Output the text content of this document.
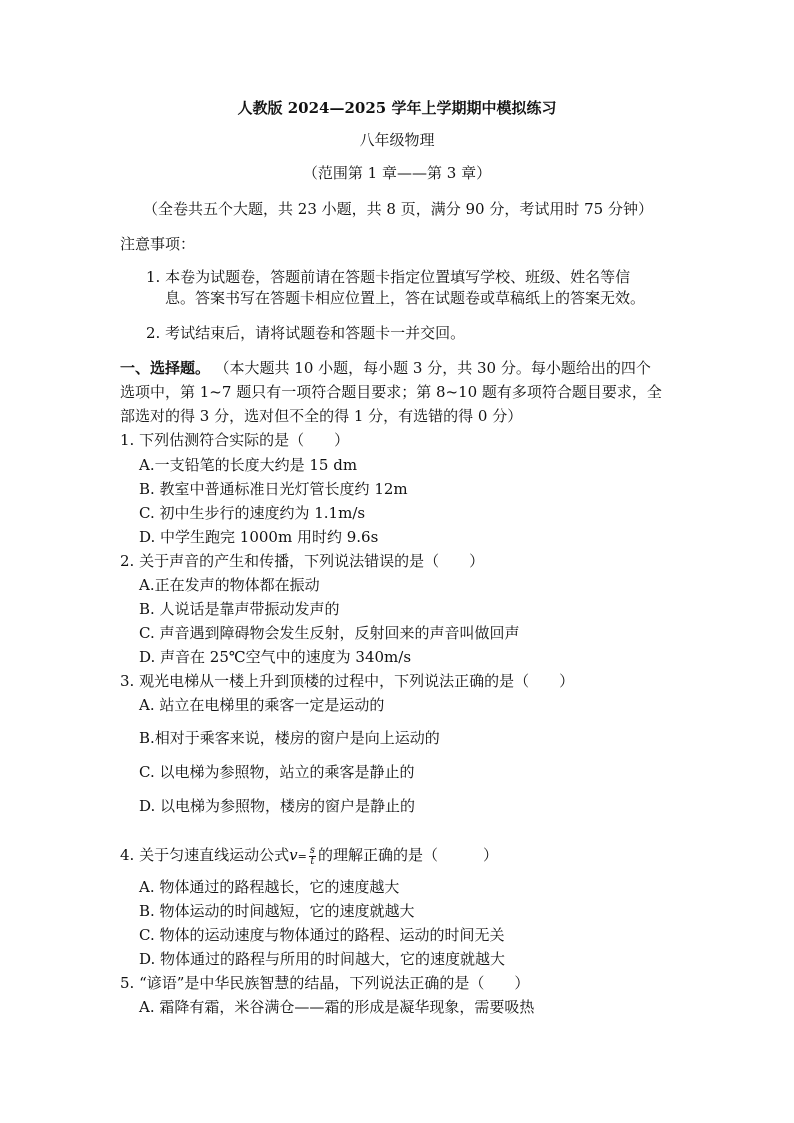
人教版 2024—2025 学年上学期期中模拟练习
八年级物理
（范围第 1 章——第 3 章）
（全卷共五个大题，共 23 小题，共 8 页，满分 90 分，考试用时 75 分钟）
注意事项：
1. 本卷为试题卷，答题前请在答题卡指定位置填写学校、班级、姓名等信
息。答案书写在答题卡相应位置上，答在试题卷或草稿纸上的答案无效。
2. 考试结束后，请将试题卷和答题卡一并交回。
一、选择题。 （本大题共 10 小题，每小题 3 分，共 30 分。每小题给出的四个
选项中，第 1~7 题只有一项符合题目要求；第 8~10 题有多项符合题目要求，全
部选对的得 3 分，选对但不全的得 1 分，有选错的得 0 分）
1. 下列估测符合实际的是（　　）
A.一支铅笔的长度大约是 15 dm
B. 教室中普通标准日光灯管长度约 12m
C. 初中生步行的速度约为 1.1m/s
D. 中学生跑完 1000m 用时约 9.6s
2. 关于声音的产生和传播，下列说法错误的是（　　）
A.正在发声的物体都在振动
B. 人说话是靠声带振动发声的
C. 声音遇到障碍物会发生反射，反射回来的声音叫做回声
D. 声音在 25℃空气中的速度为 340m/s
3. 观光电梯从一楼上升到顶楼的过程中，下列说法正确的是（　　）
A. 站立在电梯里的乘客一定是运动的
B.相对于乘客来说，楼房的窗户是向上运动的
C. 以电梯为参照物，站立的乘客是静止的
D. 以电梯为参照物，楼房的窗户是静止的
4. 关于匀速直线运动公式$v= \frac{s}{t}$ 的理解正确的是（　　　）
A. 物体通过的路程越长，它的速度越大
B. 物体运动的时间越短，它的速度就越大
C. 物体的运动速度与物体通过的路程、运动的时间无关
D. 物体通过的路程与所用的时间越大，它的速度就越大
5. “谚语”是中华民族智慧的结晶，下列说法正确的是（　　）
A. 霜降有霜，米谷满仓——霜的形成是凝华现象，需要吸热
